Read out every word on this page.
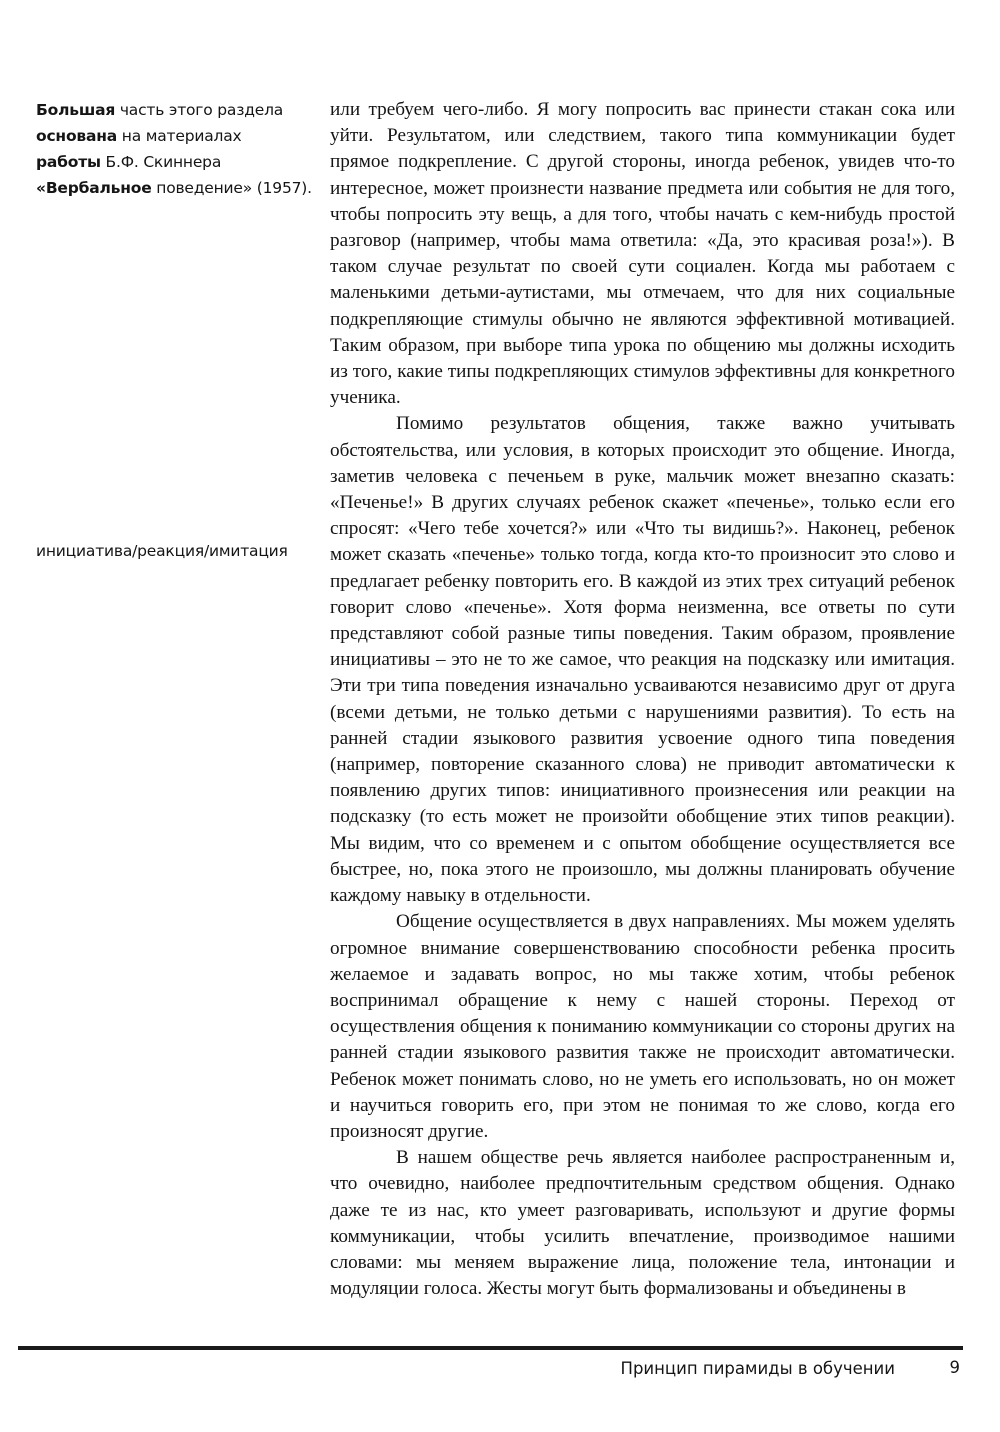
Большая часть этого раздела
основана на материалах
работы Б.Ф. Скиннера
«Вербальное поведение» (1957).
инициатива/реакция/имитация

или требуем чего-либо. Я могу попросить вас принести стакан сока или уйти. Результатом, или следствием, такого типа коммуникации будет прямое подкрепление. С другой стороны, иногда ребенок, увидев что-то интересное, может произнести название предмета или события не для того, чтобы попросить эту вещь, а для того, чтобы начать с кем-нибудь простой разговор (например, чтобы мама ответила: «Да, это красивая роза!»). В таком случае результат по своей сути социален. Когда мы работаем с маленькими детьми-аутистами, мы отмечаем, что для них социальные подкрепляющие стимулы обычно не являются эффективной мотивацией. Таким образом, при выборе типа урока по общению мы должны исходить из того, какие типы подкрепляющих стимулов эффективны для конкретного ученика.

Помимо результатов общения, также важно учитывать обстоятельства, или условия, в которых происходит это общение. Иногда, заметив человека с печеньем в руке, мальчик может внезапно сказать: «Печенье!» В других случаях ребенок скажет «печенье», только если его спросят: «Чего тебе хочется?» или «Что ты видишь?». Наконец, ребенок может сказать «печенье» только тогда, когда кто-то произносит это слово и предлагает ребенку повторить его. В каждой из этих трех ситуаций ребенок говорит слово «печенье». Хотя форма неизменна, все ответы по сути представляют собой разные типы поведения. Таким образом, проявление инициативы – это не то же самое, что реакция на подсказку или имитация. Эти три типа поведения изначально усваиваются независимо друг от друга (всеми детьми, не только детьми с нарушениями развития). То есть на ранней стадии языкового развития усвоение одного типа поведения (например, повторение сказанного слова) не приводит автоматически к появлению других типов: инициативного произнесения или реакции на подсказку (то есть может не произойти обобщение этих типов реакции). Мы видим, что со временем и с опытом обобщение осуществляется все быстрее, но, пока этого не произошло, мы должны планировать обучение каждому навыку в отдельности.

Общение осуществляется в двух направлениях. Мы можем уделять огромное внимание совершенствованию способности ребенка просить желаемое и задавать вопрос, но мы также хотим, чтобы ребенок воспринимал обращение к нему с нашей стороны. Переход от осуществления общения к пониманию коммуникации со стороны других на ранней стадии языкового развития также не происходит автоматически. Ребенок может понимать слово, но не уметь его использовать, но он может и научиться говорить его, при этом не понимая то же слово, когда его произносят другие.

В нашем обществе речь является наиболее распространенным и, что очевидно, наиболее предпочтительным средством общения. Однако даже те из нас, кто умеет разговаривать, используют и другие формы коммуникации, чтобы усилить впечатление, производимое нашими словами: мы меняем выражение лица, положение тела, интонации и модуляции голоса. Жесты могут быть формализованы и объединены в

Принцип пирамиды в обучении	9
